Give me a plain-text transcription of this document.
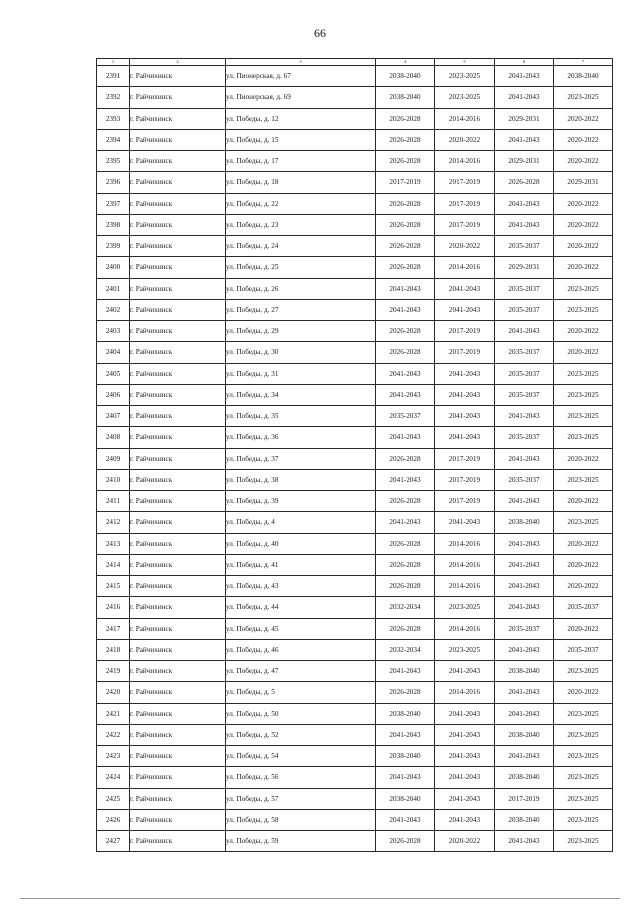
66
1	2	3	4	5	6	7
2391	г. Райчихинск	ул. Пионерская, д. 67	2038-2040	2023-2025	2041-2043	2038-2040
2392	г. Райчихинск	ул. Пионерская, д. 69	2038-2040	2023-2025	2041-2043	2023-2025
2393	г. Райчихинск	ул. Победы, д. 12	2026-2028	2014-2016	2029-2031	2020-2022
2394	г. Райчихинск	ул. Победы, д. 15	2026-2028	2020-2022	2041-2043	2020-2022
2395	г. Райчихинск	ул. Победы, д. 17	2026-2028	2014-2016	2029-2031	2020-2022
2396	г. Райчихинск	ул. Победы, д. 18	2017-2019	2017-2019	2026-2028	2029-2031
2397	г. Райчихинск	ул. Победы, д. 22	2026-2028	2017-2019	2041-2043	2020-2022
2398	г. Райчихинск	ул. Победы, д. 23	2026-2028	2017-2019	2041-2043	2020-2022
2399	г. Райчихинск	ул. Победы, д. 24	2026-2028	2020-2022	2035-2037	2020-2022
2400	г. Райчихинск	ул. Победы, д. 25	2026-2028	2014-2016	2029-2031	2020-2022
2401	г. Райчихинск	ул. Победы, д. 26	2041-2043	2041-2043	2035-2037	2023-2025
2402	г. Райчихинск	ул. Победы, д. 27	2041-2043	2041-2043	2035-2037	2023-2025
2403	г. Райчихинск	ул. Победы, д. 29	2026-2028	2017-2019	2041-2043	2020-2022
2404	г. Райчихинск	ул. Победы, д. 30	2026-2028	2017-2019	2035-2037	2020-2022
2405	г. Райчихинск	ул. Победы, д. 31	2041-2043	2041-2043	2035-2037	2023-2025
2406	г. Райчихинск	ул. Победы, д. 34	2041-2043	2041-2043	2035-2037	2023-2025
2407	г. Райчихинск	ул. Победы, д. 35	2035-2037	2041-2043	2041-2043	2023-2025
2408	г. Райчихинск	ул. Победы, д. 36	2041-2043	2041-2043	2035-2037	2023-2025
2409	г. Райчихинск	ул. Победы, д. 37	2026-2028	2017-2019	2041-2043	2020-2022
2410	г. Райчихинск	ул. Победы, д. 38	2041-2043	2017-2019	2035-2037	2023-2025
2411	г. Райчихинск	ул. Победы, д. 39	2026-2028	2017-2019	2041-2043	2020-2022
2412	г. Райчихинск	ул. Победы, д. 4	2041-2043	2041-2043	2038-2040	2023-2025
2413	г. Райчихинск	ул. Победы, д. 40	2026-2028	2014-2016	2041-2043	2020-2022
2414	г. Райчихинск	ул. Победы, д. 41	2026-2028	2014-2016	2041-2043	2020-2022
2415	г. Райчихинск	ул. Победы, д. 43	2026-2028	2014-2016	2041-2043	2020-2022
2416	г. Райчихинск	ул. Победы, д. 44	2032-2034	2023-2025	2041-2043	2035-2037
2417	г. Райчихинск	ул. Победы, д. 45	2026-2028	2014-2016	2035-2037	2020-2022
2418	г. Райчихинск	ул. Победы, д. 46	2032-2034	2023-2025	2041-2043	2035-2037
2419	г. Райчихинск	ул. Победы, д. 47	2041-2043	2041-2043	2038-2040	2023-2025
2420	г. Райчихинск	ул. Победы, д. 5	2026-2028	2014-2016	2041-2043	2020-2022
2421	г. Райчихинск	ул. Победы, д. 50	2038-2040	2041-2043	2041-2043	2023-2025
2422	г. Райчихинск	ул. Победы, д. 52	2041-2043	2041-2043	2038-2040	2023-2025
2423	г. Райчихинск	ул. Победы, д. 54	2038-2040	2041-2043	2041-2043	2023-2025
2424	г. Райчихинск	ул. Победы, д. 56	2041-2043	2041-2043	2038-2040	2023-2025
2425	г. Райчихинск	ул. Победы, д. 57	2038-2040	2041-2043	2017-2019	2023-2025
2426	г. Райчихинск	ул. Победы, д. 58	2041-2043	2041-2043	2038-2040	2023-2025
2427	г. Райчихинск	ул. Победы, д. 59	2026-2028	2020-2022	2041-2043	2023-2025
